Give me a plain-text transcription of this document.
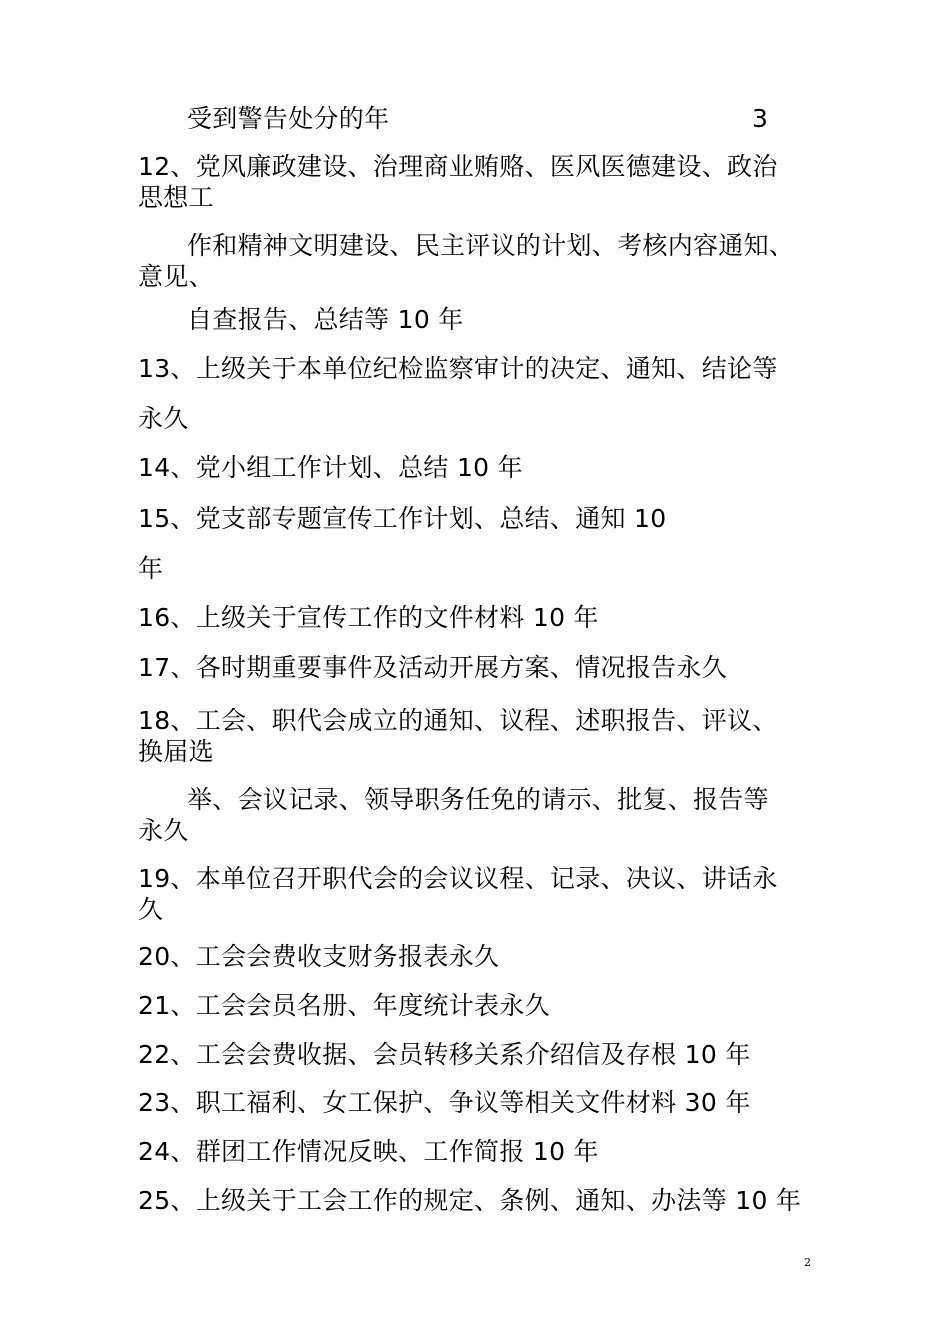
受到警告处分的年	3
12、党风廉政建设、治理商业贿赂、医风医德建设、政治
思想工
作和精神文明建设、民主评议的计划、考核内容通知、
意见、
自查报告、总结等 10 年
13、上级关于本单位纪检监察审计的决定、通知、结论等
永久
14、党小组工作计划、总结 10 年
15、党支部专题宣传工作计划、总结、通知 10
年
16、上级关于宣传工作的文件材料 10 年
17、各时期重要事件及活动开展方案、情况报告永久
18、工会、职代会成立的通知、议程、述职报告、评议、
换届选
举、会议记录、领导职务任免的请示、批复、报告等
永久
19、本单位召开职代会的会议议程、记录、决议、讲话永
久
20、工会会费收支财务报表永久
21、工会会员名册、年度统计表永久
22、工会会费收据、会员转移关系介绍信及存根 10 年
23、职工福利、女工保护、争议等相关文件材料 30 年
24、群团工作情况反映、工作简报 10 年
25、上级关于工会工作的规定、条例、通知、办法等 10 年
2
